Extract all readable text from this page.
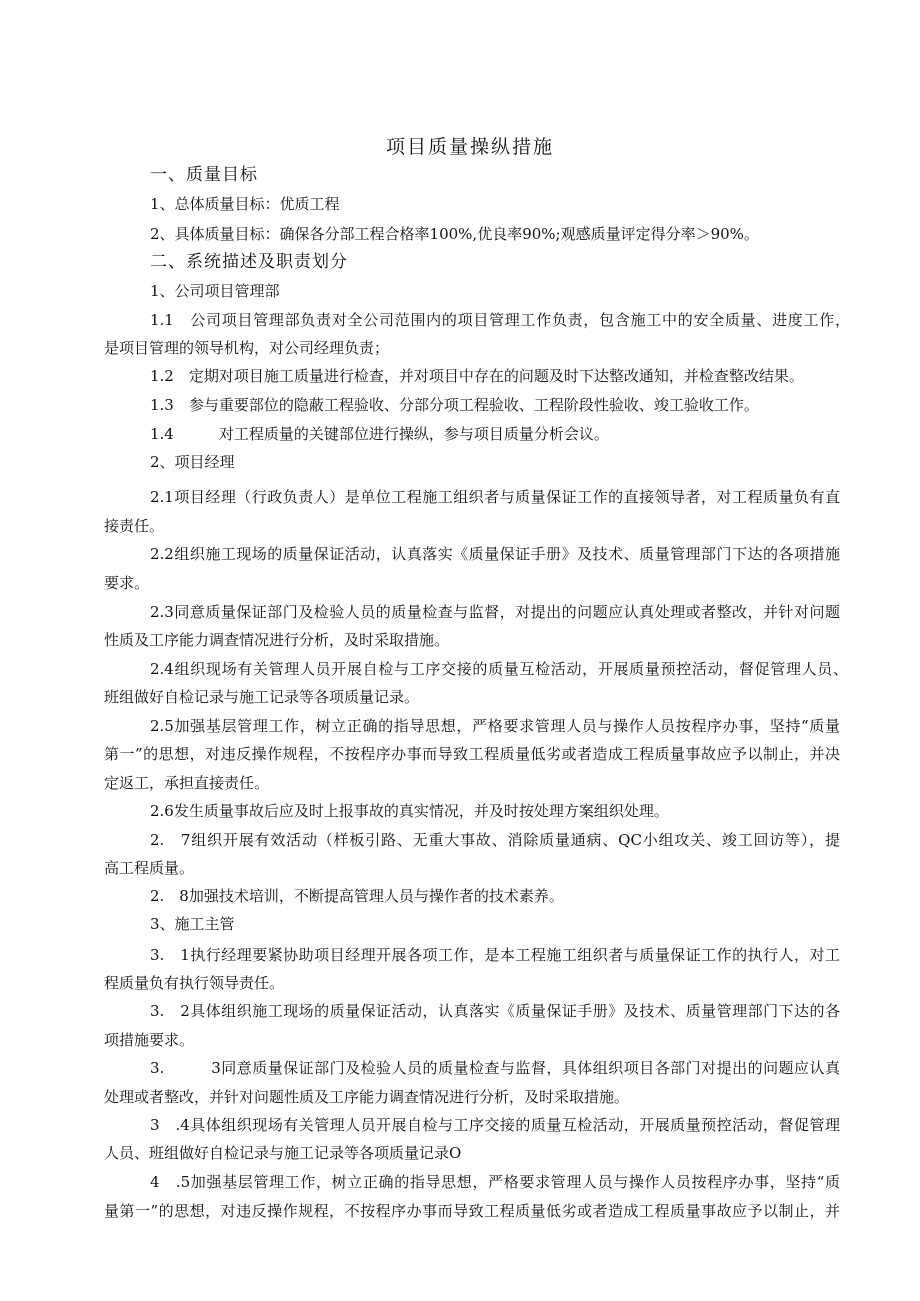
项目质量操纵措施
一、质量目标
1、总体质量目标：优质工程
2、具体质量目标：确保各分部工程合格率100%,优良率90%;观感质量评定得分率＞90%。
二、系统描述及职责划分
1、公司项目管理部
1.1　公司项目管理部负责对全公司范围内的项目管理工作负责，包含施工中的安全质量、进度工作，
是项目管理的领导机构，对公司经理负责；
1.2　定期对项目施工质量进行检查，并对项目中存在的问题及时下达整改通知，并检查整改结果。
1.3　参与重要部位的隐蔽工程验收、分部分项工程验收、工程阶段性验收、竣工验收工作。
1.4　　　对工程质量的关键部位进行操纵，参与项目质量分析会议。
2、项目经理
2.1项目经理（行政负责人）是单位工程施工组织者与质量保证工作的直接领导者，对工程质量负有直
接责任。
2.2组织施工现场的质量保证活动，认真落实《质量保证手册》及技术、质量管理部门下达的各项措施
要求。
2.3同意质量保证部门及检验人员的质量检查与监督，对提出的问题应认真处理或者整改，并针对问题
性质及工序能力调查情况进行分析，及时采取措施。
2.4组织现场有关管理人员开展自检与工序交接的质量互检活动，开展质量预控活动，督促管理人员、
班组做好自检记录与施工记录等各项质量记录。
2.5加强基层管理工作，树立正确的指导思想，严格要求管理人员与操作人员按程序办事，坚持“质量
第一”的思想，对违反操作规程，不按程序办事而导致工程质量低劣或者造成工程质量事故应予以制止，并决
定返工，承担直接责任。
2.6发生质量事故后应及时上报事故的真实情况，并及时按处理方案组织处理。
2.　7组织开展有效活动（样板引路、无重大事故、消除质量通病、QC小组攻关、竣工回访等），提
高工程质量。
2.　8加强技术培训，不断提高管理人员与操作者的技术素养。
3、施工主管
3.　1执行经理要紧协助项目经理开展各项工作，是本工程施工组织者与质量保证工作的执行人，对工
程质量负有执行领导责任。
3.　2具体组织施工现场的质量保证活动，认真落实《质量保证手册》及技术、质量管理部门下达的各
项措施要求。
3.　　　3同意质量保证部门及检验人员的质量检查与监督，具体组织项目各部门对提出的问题应认真
处理或者整改，并针对问题性质及工序能力调查情况进行分析，及时采取措施。
3　.4具体组织现场有关管理人员开展自检与工序交接的质量互检活动，开展质量预控活动，督促管理
人员、班组做好自检记录与施工记录等各项质量记录O
4　.5加强基层管理工作，树立正确的指导思想，严格要求管理人员与操作人员按程序办事，坚持“质
量第一”的思想，对违反操作规程，不按程序办事而导致工程质量低劣或者造成工程质量事故应予以制止，并
